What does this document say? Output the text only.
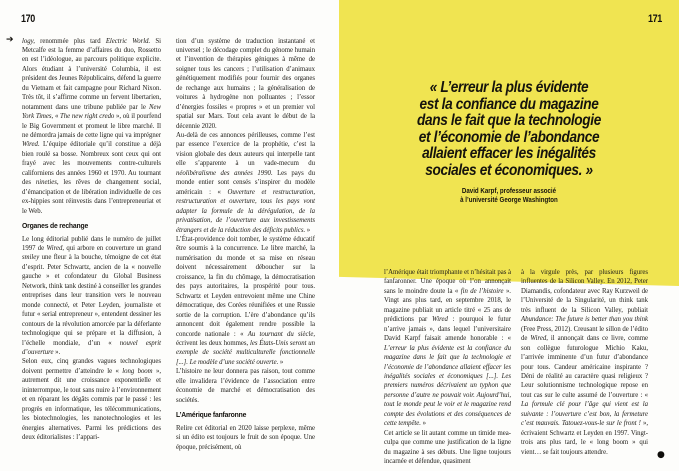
170	171
➔
« L’erreur la plus évidente
est la confiance du magazine
dans le fait que la technologie
et l’économie de l’abondance
allaient effacer les inégalités
sociales et économiques. »
David Karpf, professeur associé
à l’université George Washington

logy, renommée plus tard Electric World. Si Metcalfe est la femme d’affaires du duo, Rossetto en est l’idéologue, au parcours politique explicite. Alors étudiant à l’université Columbia, il est président des Jeunes Républicains, défend la guerre du Vietnam et fait campagne pour Richard Nixon. Très tôt, il s’affirme comme un fervent libertarien, notamment dans une tribune publiée par le New York Times, « The new right credo », où il pourfend le Big Government et promeut le libre marché. Il ne démordra jamais de cette ligne qui va imprégner Wired. L’équipe éditoriale qu’il constitue a déjà bien roulé sa bosse. Nombreux sont ceux qui ont frayé avec les mouvements contre-culturels californiens des années 1960 et 1970. Au tournant des nineties, les rêves de changement social, d’émancipation et de libération individuelle de ces ex-hippies sont réinvestis dans l’entrepreneuriat et le Web.

Organes de rechange

Le long éditorial publié dans le numéro de juillet 1997 de Wired, qui arbore en couverture un grand smiley une fleur à la bouche, témoigne de cet état d’esprit. Peter Schwartz, ancien de la « nouvelle gauche » et cofondateur du Global Business Network, think tank destiné à conseiller les grandes entreprises dans leur transition vers le nouveau monde connecté, et Peter Leyden, journaliste et futur « serial entrepreneur », entendent dessiner les contours de la révolution amorcée par la déferlante technologique qui se prépare et la diffusion, à l’échelle mondiale, d’un « nouvel esprit d’ouverture ».

Selon eux, cinq grandes vagues technologiques doivent permettre d’atteindre le « long boom », autrement dit une croissance exponentielle et ininterrompue, le tout sans nuire à l’environnement et en réparant les dégâts commis par le passé : les progrès en informatique, les télécommunications, les biotechnologies, les nanotechnologies et les énergies alternatives. Parmi les prédictions des deux éditorialistes : l’appari-

tion d’un système de traduction instantané et universel ; le décodage complet du génome humain et l’invention de thérapies géniques à même de soigner tous les cancers ; l’utilisation d’animaux génétiquement modifiés pour fournir des organes de rechange aux humains ; la généralisation de voitures à hydrogène non polluantes ; l’essor d’énergies fossiles « propres » et un premier vol spatial sur Mars. Tout cela avant le début de la décennie 2020.

Au-delà de ces annonces périlleuses, comme l’est par essence l’exercice de la prophétie, c’est la vision globale des deux auteurs qui interpelle tant elle s’apparente à un vade-mecum du néolibéralisme des années 1990. Les pays du monde entier sont censés s’inspirer du modèle américain : « Ouverture et restructuration, restructuration et ouverture, tous les pays vont adapter la formule de la dérégulation, de la privatisation, de l’ouverture aux investissements étrangers et de la réduction des déficits publics. »

L’État-providence doit tomber, le système éducatif être soumis à la concurrence. Le libre marché, la numérisation du monde et sa mise en réseau doivent nécessairement déboucher sur la croissance, la fin du chômage, la démocratisation des pays autoritaires, la prospérité pour tous. Schwartz et Leyden entrevoient même une Chine démocratique, des Corées réunifiées et une Russie sortie de la corruption. L’ère d’abondance qu’ils annoncent doit également rendre possible la concorde nationale : « Au tournant du siècle, écrivent les deux hommes, les États-Unis seront un exemple de société multiculturelle fonctionnelle [...]. Le modèle d’une société ouverte. »

L’histoire ne leur donnera pas raison, tout comme elle invalidera l’évidence de l’association entre économie de marché et démocratisation des sociétés.

L’Amérique fanfaronne

Relire cet éditorial en 2020 laisse perplexe, même si un édito est toujours le fruit de son époque. Une époque, précisément, où

l’Amérique était triomphante et n’hésitait pas à fanfaronner. Une époque où l’on annonçait sans le moindre doute la « fin de l’histoire ». Vingt ans plus tard, en septembre 2018, le magazine publiait un article titré « 25 ans de prédictions par Wired : pourquoi le futur n’arrive jamais », dans lequel l’universitaire David Karpf faisait amende honorable : « L’erreur la plus évidente est la confiance du magazine dans le fait que la technologie et l’économie de l’abondance allaient effacer les inégalités sociales et économiques [...]. Les premiers numéros décrivaient un typhon que personne d’autre ne pouvait voir. Aujourd’hui, tout le monde peut le voir et le magazine rend compte des évolutions et des conséquences de cette tempête. »

Cet article se lit autant comme un timide mea-culpa que comme une justification de la ligne du magazine à ses débuts. Une ligne toujours incarnée et défendue, quasiment

à la virgule près, par plusieurs figures influentes de la Silicon Valley. En 2012, Peter Diamandis, cofondateur avec Ray Kurzweil de l’Université de la Singularité, un think tank très influent de la Silicon Valley, publiait Abundance: The future is better than you think (Free Press, 2012). Creusant le sillon de l’édito de Wired, il annonçait dans ce livre, comme son collègue futurologue Michio Kaku, l’arrivée imminente d’un futur d’abondance pour tous. Candeur américaine inspirante ? Déni de réalité au caractère quasi religieux ? Leur solutionnisme technologique repose en tout cas sur le culte assumé de l’ouverture : « La formule clé pour l’âge qui vient est la suivante : l’ouverture c’est bon, la fermeture c’est mauvais. Tatouez-vous-le sur le front ! », écrivaient Schwartz et Leyden en 1997. Vingt-trois ans plus tard, le « long boom » qui vient… se fait toujours attendre.	●
